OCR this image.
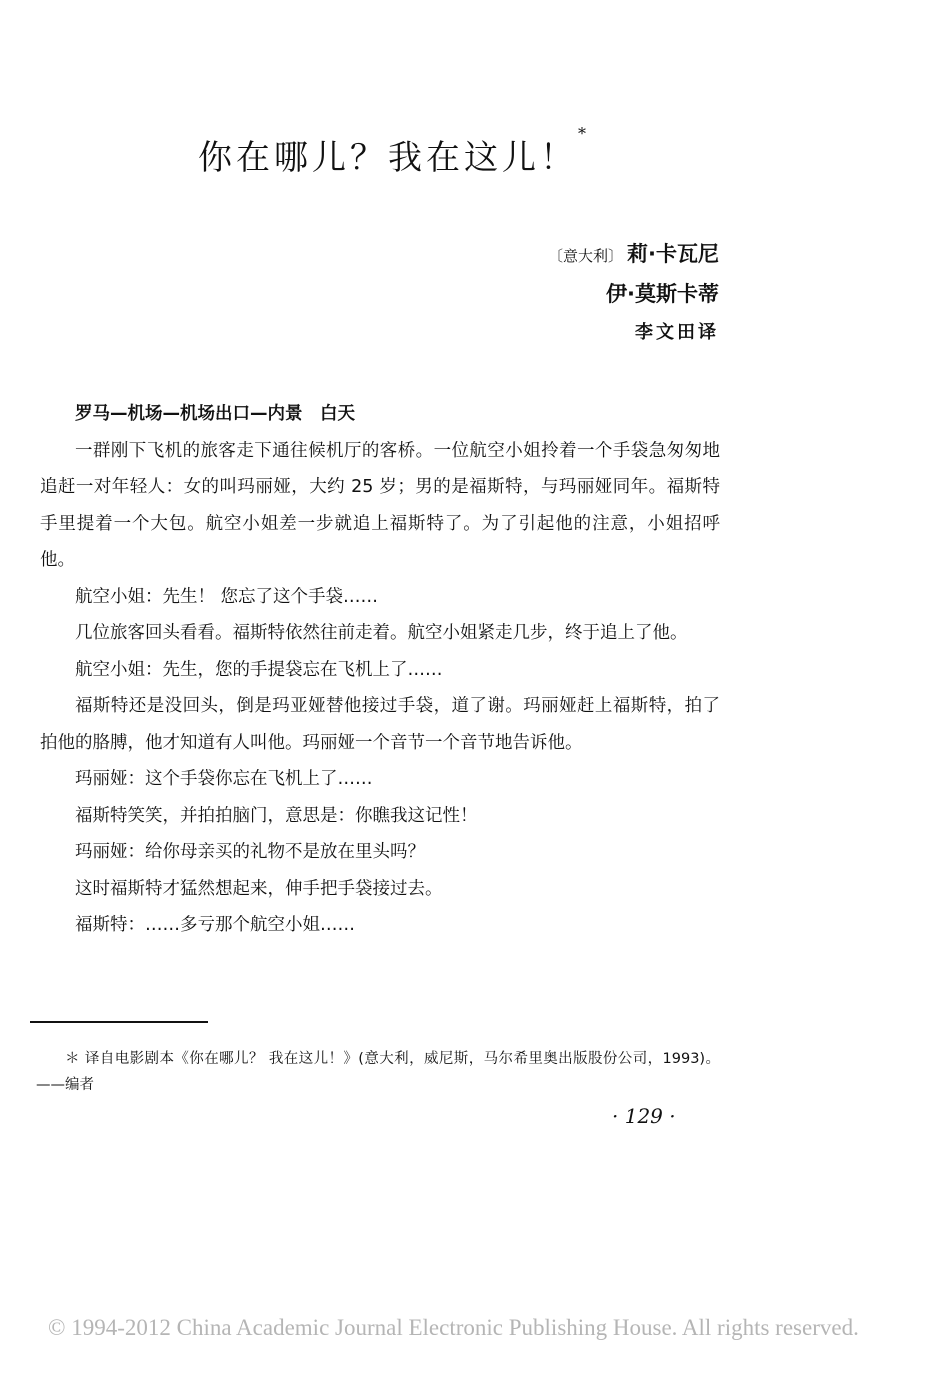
你在哪儿？我在这儿！*
〔意大利〕 莉·卡瓦尼
伊·莫斯卡蒂
李文田译

罗马—机场—机场出口—内景　白天

一群刚下飞机的旅客走下通往候机厅的客桥。一位航空小姐拎着一个手袋急匆匆地追赶一对年轻人：女的叫玛丽娅，大约 25 岁；男的是福斯特，与玛丽娅同年。福斯特手里提着一个大包。航空小姐差一步就追上福斯特了。为了引起他的注意，小姐招呼他。

航空小姐：先生！ 您忘了这个手袋……

几位旅客回头看看。福斯特依然往前走着。航空小姐紧走几步，终于追上了他。

航空小姐：先生，您的手提袋忘在飞机上了……

福斯特还是没回头，倒是玛亚娅替他接过手袋，道了谢。玛丽娅赶上福斯特，拍了拍他的胳膊，他才知道有人叫他。玛丽娅一个音节一个音节地告诉他。

玛丽娅：这个手袋你忘在飞机上了……

福斯特笑笑，并拍拍脑门，意思是：你瞧我这记性！

玛丽娅：给你母亲买的礼物不是放在里头吗？

这时福斯特才猛然想起来，伸手把手袋接过去。

福斯特：……多亏那个航空小姐……

＊ 译自电影剧本《你在哪儿？ 我在这儿！》(意大利，威尼斯，马尔希里奥出版股份公司，1993)。——编者
· 129 ·
© 1994-2012 China Academic Journal Electronic Publishing House. All rights reserved.
